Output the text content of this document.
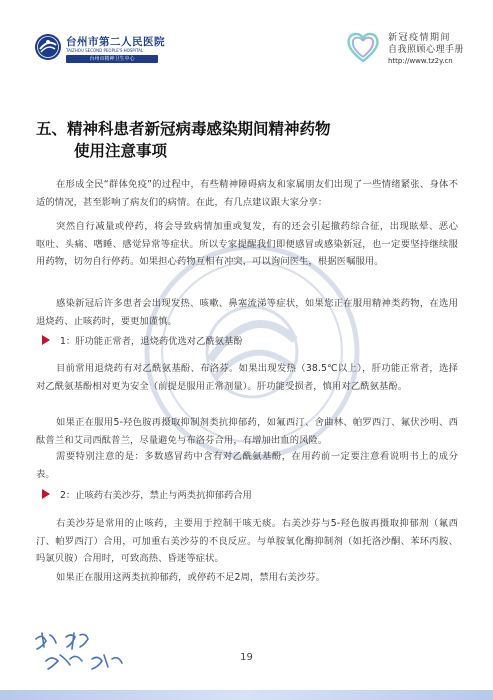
台州市第二人民医院
TAIZHOU SECOND PEOPLE'S HOSPITAL
台州市精神卫生中心
新冠疫情期间
自我照顾心理手册
http://www.tz2y.cn
五、精神科患者新冠病毒感染期间精神药物
使用注意事项
在形成全民“群体免疫”的过程中，有些精神障碍病友和家属朋友们出现了一些情绪紧张、身体不适的情况，甚至影响了病友们的病情。在此，有几点建议跟大家分享：
突然自行减量或停药，将会导致病情加重或复发，有的还会引起撤药综合征，出现眩晕、恶心　呕吐、头痛、嗜睡、感觉异常等症状。所以专家提醒我们即便感冒或感染新冠，也一定要坚持继续服用药物，切勿自行停药。如果担心药物互相有冲突，可以询问医生，根据医嘱服用。
感染新冠后许多患者会出现发热、咳嗽、鼻塞流涕等症状，如果您正在服用精神类药物，在选用退烧药、止咳药时，要更加谨慎。
1：肝功能正常者，退烧药优选对乙酰氨基酚
目前常用退烧药有对乙酰氨基酚、布洛芬。如果出现发热（38.5℃以上），肝功能正常者，选择对乙酰氨基酚相对更为安全（前提是服用正常剂量）。肝功能受损者，慎用对乙酰氨基酚。
如果正在服用5-羟色胺再摄取抑制剂类抗抑郁药，如氟西汀、舍曲林、帕罗西汀、氟伏沙明、西酞普兰和艾司西酞普兰，尽量避免与布洛芬合用，有增加出血的风险。
需要特别注意的是：多数感冒药中含有对乙酰氨基酚，在用药前一定要注意看说明书上的成分表。
2：止咳药右美沙芬，禁止与两类抗抑郁药合用
右美沙芬是常用的止咳药，主要用于控制干咳无痰。右美沙芬与5-羟色胺再摄取抑郁剂（氟西汀、帕罗西汀）合用，可加重右美沙芬的不良反应。与单胺氧化酶抑制剂（如托洛沙酮、苯环丙胺、吗氯贝胺）合用时，可致高热、昏迷等症状。
如果正在服用这两类抗抑郁药，或停药不足2周，禁用右美沙芬。
19
